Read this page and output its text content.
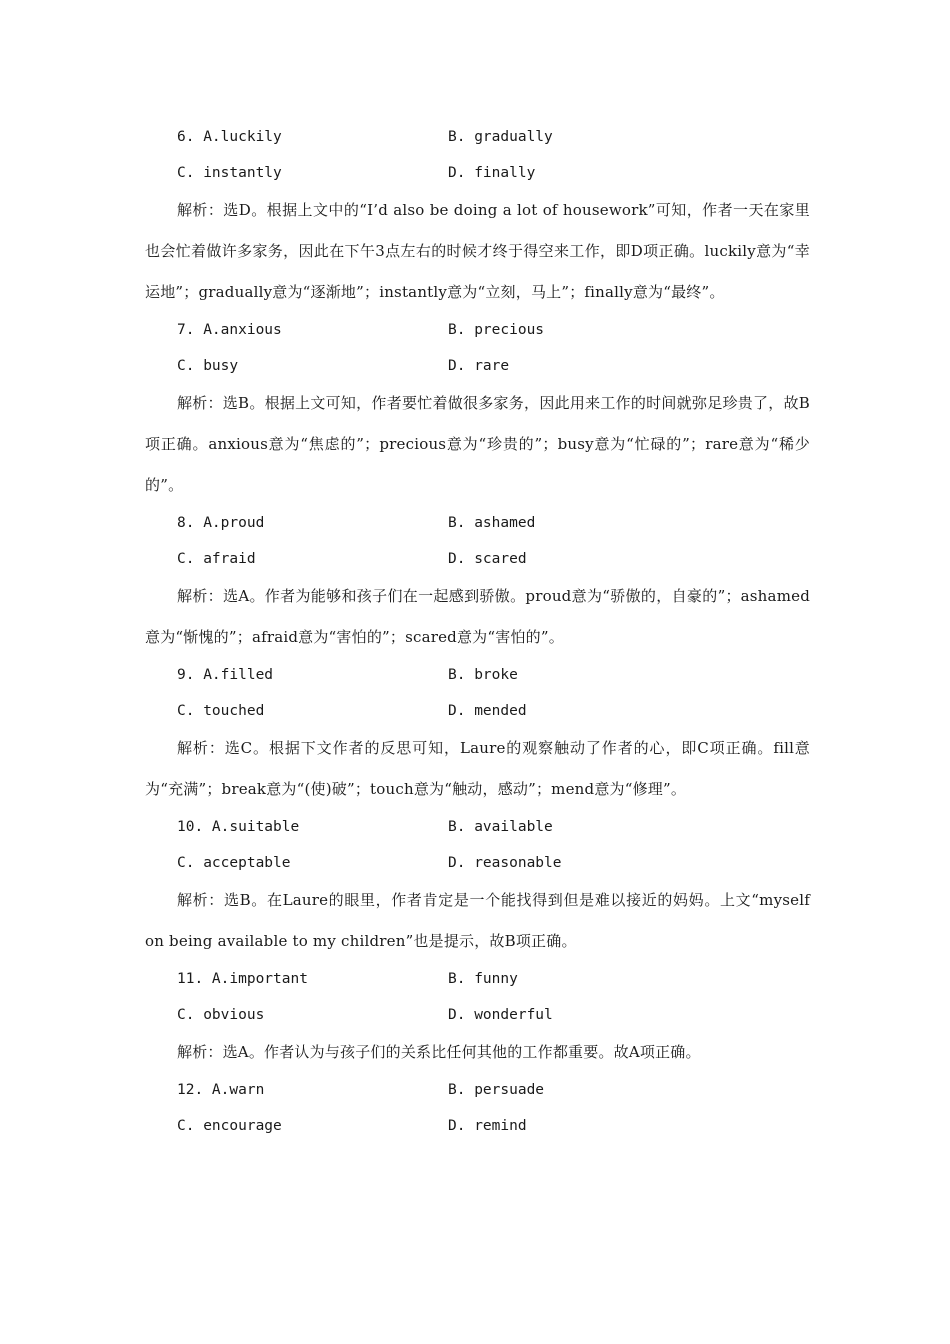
6. A.luckily	B. gradually
C. instantly	D. finally

解析：选D。根据上文中的“I’d also be doing a lot of housework”可知，作者一天在家里也会忙着做许多家务，因此在下午3点左右的时候才终于得空来工作，即D项正确。luckily意为“幸运地”；gradually意为“逐渐地”；instantly意为“立刻，马上”；finally意为“最终”。

7. A.anxious	B. precious
C. busy	D. rare

解析：选B。根据上文可知，作者要忙着做很多家务，因此用来工作的时间就弥足珍贵了，故B项正确。anxious意为“焦虑的”；precious意为“珍贵的”；busy意为“忙碌的”；rare意为“稀少的”。

8. A.proud	B. ashamed
C. afraid	D. scared

解析：选A。作者为能够和孩子们在一起感到骄傲。proud意为“骄傲的，自豪的”；ashamed意为“惭愧的”；afraid意为“害怕的”；scared意为“害怕的”。

9. A.filled	B. broke
C. touched	D. mended

解析：选C。根据下文作者的反思可知，Laure的观察触动了作者的心，即C项正确。fill意为“充满”；break意为“(使)破”；touch意为“触动，感动”；mend意为“修理”。

10. A.suitable	B. available
C. acceptable	D. reasonable

解析：选B。在Laure的眼里，作者肯定是一个能找得到但是难以接近的妈妈。上文“myself on being available to my children”也是提示，故B项正确。

11. A.important	B. funny
C. obvious	D. wonderful

解析：选A。作者认为与孩子们的关系比任何其他的工作都重要。故A项正确。

12. A.warn	B. persuade
C. encourage	D. remind
